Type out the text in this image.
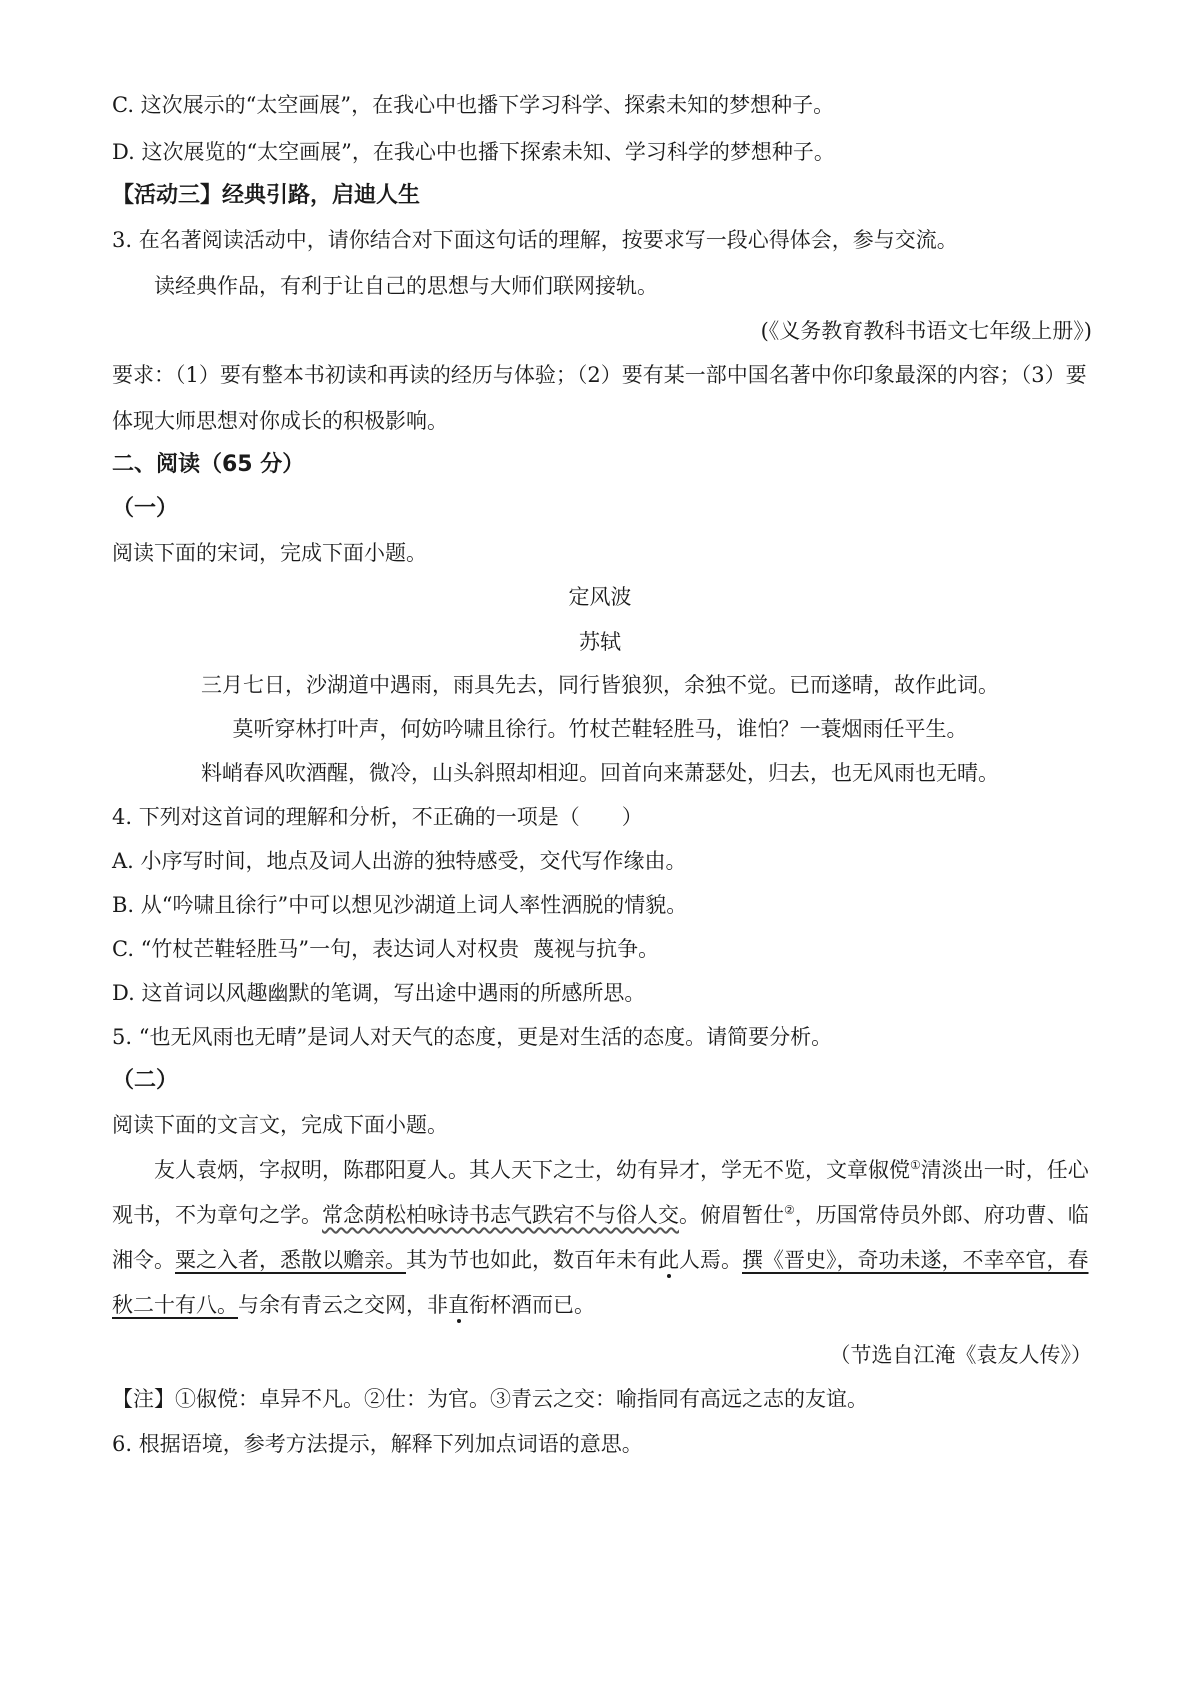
C. 这次展示的“太空画展”，在我心中也播下学习科学、探索未知的梦想种子。
D. 这次展览的“太空画展”，在我心中也播下探索未知、学习科学的梦想种子。
【活动三】经典引路，启迪人生
3. 在名著阅读活动中，请你结合对下面这句话的理解，按要求写一段心得体会，参与交流。
读经典作品，有利于让自己的思想与大师们联网接轨。
(《义务教育教科书语文七年级上册》)
要求：（1）要有整本书初读和再读的经历与体验；（2）要有某一部中国名著中你印象最深的内容；（3）要
体现大师思想对你成长的积极影响。
二、阅读（65 分）
（一）
阅读下面的宋词，完成下面小题。
定风波
苏轼
三月七日，沙湖道中遇雨，雨具先去，同行皆狼狈，余独不觉。已而遂晴，故作此词。
莫听穿林打叶声，何妨吟啸且徐行。竹杖芒鞋轻胜马，谁怕？一蓑烟雨任平生。
料峭春风吹酒醒，微冷，山头斜照却相迎。回首向来萧瑟处，归去，也无风雨也无晴。
4. 下列对这首词的理解和分析，不正确的一项是（　　）
A. 小序写时间，地点及词人出游的独特感受，交代写作缘由。
B. 从“吟啸且徐行”中可以想见沙湖道上词人率性洒脱的情貌。
C. “竹杖芒鞋轻胜马”一句，表达词人对权贵 蔑视与抗争。
D. 这首词以风趣幽默的笔调，写出途中遇雨的所感所思。
5. “也无风雨也无晴”是词人对天气的态度，更是对生活的态度。请简要分析。
（二）
阅读下面的文言文，完成下面小题。
友人袁炳，字叔明，陈郡阳夏人。其人天下之士，幼有异才，学无不览，文章俶傥①清淡出一时，任心
观书，不为章句之学。常念荫松柏咏诗书志气跌宕不与俗人交。俯眉暂仕②，历国常侍员外郎、府功曹、临
湘令。粟之入者，悉散以赡亲。其为节也如此，数百年未有此人焉。撰《晋史》，奇功未遂，不幸卒官，春
秋二十有八。与余有青云之交网，非直衔杯酒而已。
（节选自江淹《袁友人传》）
【注】①俶傥：卓异不凡。②仕：为官。③青云之交：喻指同有高远之志的友谊。
6. 根据语境，参考方法提示，解释下列加点词语的意思。
